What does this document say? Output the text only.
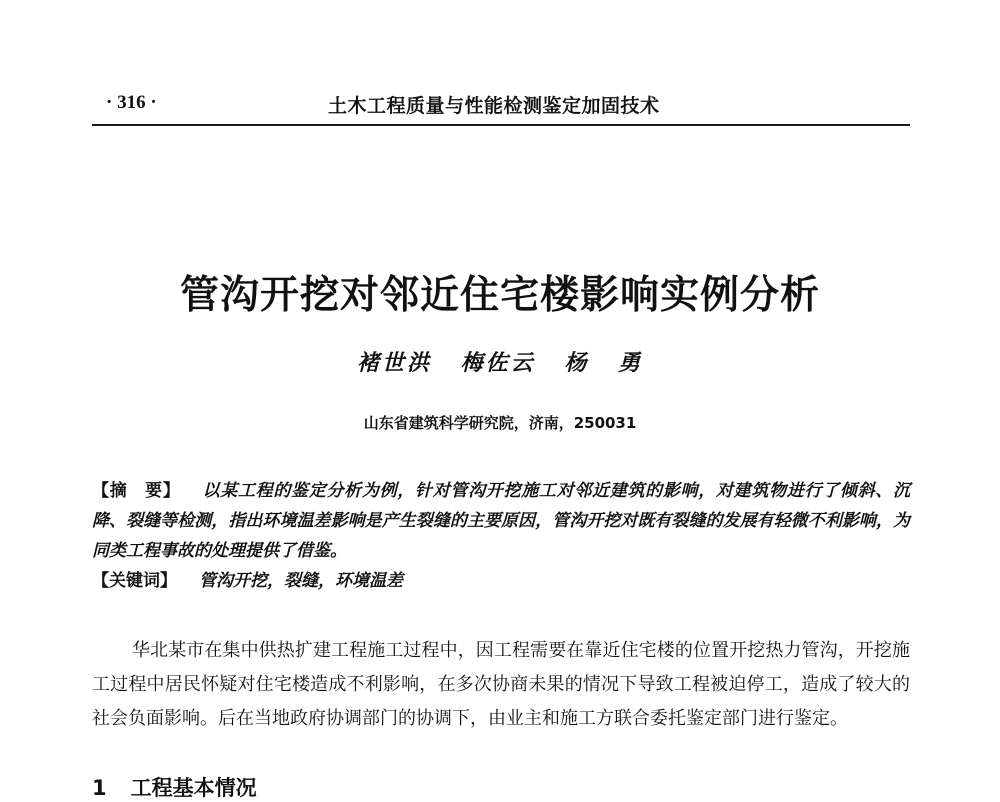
· 316 ·	土木工程质量与性能检测鉴定加固技术
管沟开挖对邻近住宅楼影响实例分析
褚世洪 梅佐云 杨 勇
山东省建筑科学研究院，济南，250031
【摘　要】 以某工程的鉴定分析为例，针对管沟开挖施工对邻近建筑的影响，对建筑物进行了倾斜、沉降、裂缝等检测，指出环境温差影响是产生裂缝的主要原因，管沟开挖对既有裂缝的发展有轻微不利影响，为同类工程事故的处理提供了借鉴。
【关键词】 管沟开挖，裂缝，环境温差

华北某市在集中供热扩建工程施工过程中，因工程需要在靠近住宅楼的位置开挖热力管沟，开挖施工过程中居民怀疑对住宅楼造成不利影响，在多次协商未果的情况下导致工程被迫停工，造成了较大的社会负面影响。后在当地政府协调部门的协调下，由业主和施工方联合委托鉴定部门进行鉴定。

1 工程基本情况
